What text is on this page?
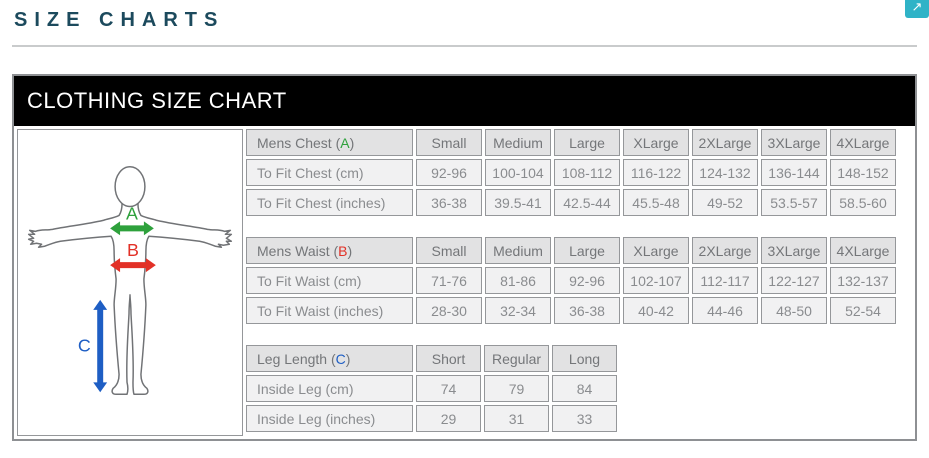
SIZE CHARTS
↗
CLOTHING SIZE CHART
A
B
C
Mens Chest (A)	Small	Medium	Large	XLarge	2XLarge	3XLarge	4XLarge
To Fit Chest (cm)	92-96	100-104	108-112	116-122	124-132	136-144	148-152
To Fit Chest (inches)	36-38	39.5-41	42.5-44	45.5-48	49-52	53.5-57	58.5-60
Mens Waist (B)	Small	Medium	Large	XLarge	2XLarge	3XLarge	4XLarge
To Fit Waist (cm)	71-76	81-86	92-96	102-107	112-117	122-127	132-137
To Fit Waist (inches)	28-30	32-34	36-38	40-42	44-46	48-50	52-54
Leg Length (C)	Short	Regular	Long
Inside Leg (cm)	74	79	84
Inside Leg (inches)	29	31	33
